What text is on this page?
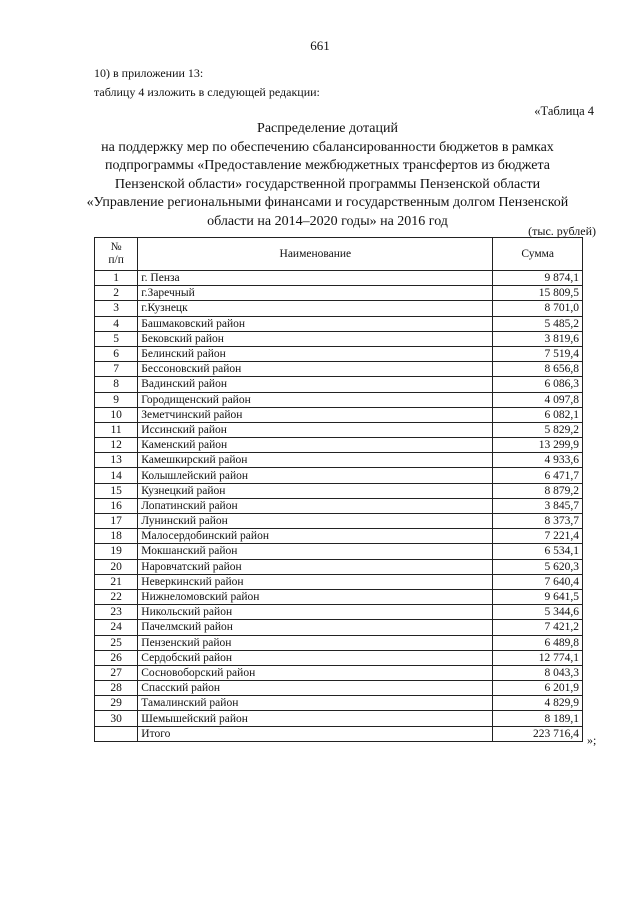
661
10) в приложении 13:
таблицу 4 изложить в следующей редакции:
«Таблица 4
Распределение дотаций
на поддержку мер по обеспечению сбалансированности бюджетов в рамках
подпрограммы «Предоставление межбюджетных трансфертов из бюджета
Пензенской области» государственной программы Пензенской области
«Управление региональными финансами и государственным долгом Пензенской
области на 2014–2020 годы» на 2016 год
(тыс. рублей)
№
п/п	Наименование	Сумма
1	г. Пенза	9 874,1
2	г.Заречный	15 809,5
3	г.Кузнецк	8 701,0
4	Башмаковский район	5 485,2
5	Бековский район	3 819,6
6	Белинский район	7 519,4
7	Бессоновский район	8 656,8
8	Вадинский район	6 086,3
9	Городищенский район	4 097,8
10	Земетчинский район	6 082,1
11	Иссинский район	5 829,2
12	Каменский район	13 299,9
13	Камешкирский район	4 933,6
14	Колышлейский район	6 471,7
15	Кузнецкий район	8 879,2
16	Лопатинский район	3 845,7
17	Лунинский район	8 373,7
18	Малосердобинский район	7 221,4
19	Мокшанский район	6 534,1
20	Наровчатский район	5 620,3
21	Неверкинский район	7 640,4
22	Нижнеломовский район	9 641,5
23	Никольский район	5 344,6
24	Пачелмский район	7 421,2
25	Пензенский район	6 489,8
26	Сердобский район	12 774,1
27	Сосновоборский район	8 043,3
28	Спасский район	6 201,9
29	Тамалинский район	4 829,9
30	Шемышейский район	8 189,1
	Итого	223 716,4 »;
